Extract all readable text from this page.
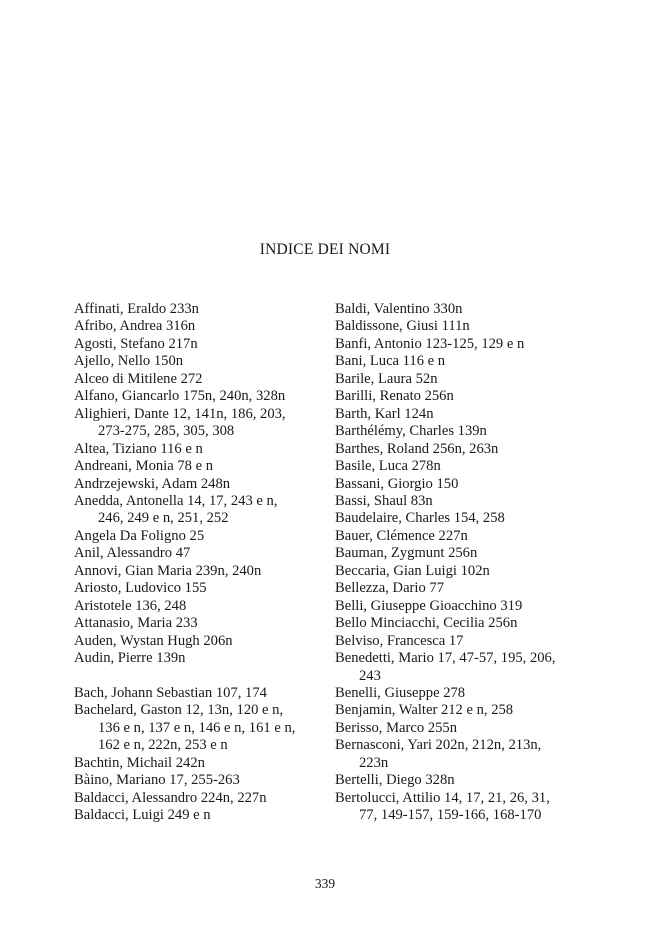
INDICE DEI NOMI
Affinati, Eraldo 233n
Afribo, Andrea 316n
Agosti, Stefano 217n
Ajello, Nello 150n
Alceo di Mitilene 272
Alfano, Giancarlo 175n, 240n, 328n
Alighieri, Dante 12, 141n, 186, 203,
273-275, 285, 305, 308
Altea, Tiziano 116 e n
Andreani, Monia 78 e n
Andrzejewski, Adam 248n
Anedda, Antonella 14, 17, 243 e n,
246, 249 e n, 251, 252
Angela Da Foligno 25
Anil, Alessandro 47
Annovi, Gian Maria 239n, 240n
Ariosto, Ludovico 155
Aristotele 136, 248
Attanasio, Maria 233
Auden, Wystan Hugh 206n
Audin, Pierre 139n
Bach, Johann Sebastian 107, 174
Bachelard, Gaston 12, 13n, 120 e n,
136 e n, 137 e n, 146 e n, 161 e n,
162 e n, 222n, 253 e n
Bachtin, Michail 242n
Bàino, Mariano 17, 255-263
Baldacci, Alessandro 224n, 227n
Baldacci, Luigi 249 e n
Baldi, Valentino 330n
Baldissone, Giusi 111n
Banfi, Antonio 123-125, 129 e n
Bani, Luca 116 e n
Barile, Laura 52n
Barilli, Renato 256n
Barth, Karl 124n
Barthélémy, Charles 139n
Barthes, Roland 256n, 263n
Basile, Luca 278n
Bassani, Giorgio 150
Bassi, Shaul 83n
Baudelaire, Charles 154, 258
Bauer, Clémence 227n
Bauman, Zygmunt 256n
Beccaria, Gian Luigi 102n
Bellezza, Dario 77
Belli, Giuseppe Gioacchino 319
Bello Minciacchi, Cecilia 256n
Belviso, Francesca 17
Benedetti, Mario 17, 47-57, 195, 206,
243
Benelli, Giuseppe 278
Benjamin, Walter 212 e n, 258
Berisso, Marco 255n
Bernasconi, Yari 202n, 212n, 213n,
223n
Bertelli, Diego 328n
Bertolucci, Attilio 14, 17, 21, 26, 31,
77, 149-157, 159-166, 168-170
339
